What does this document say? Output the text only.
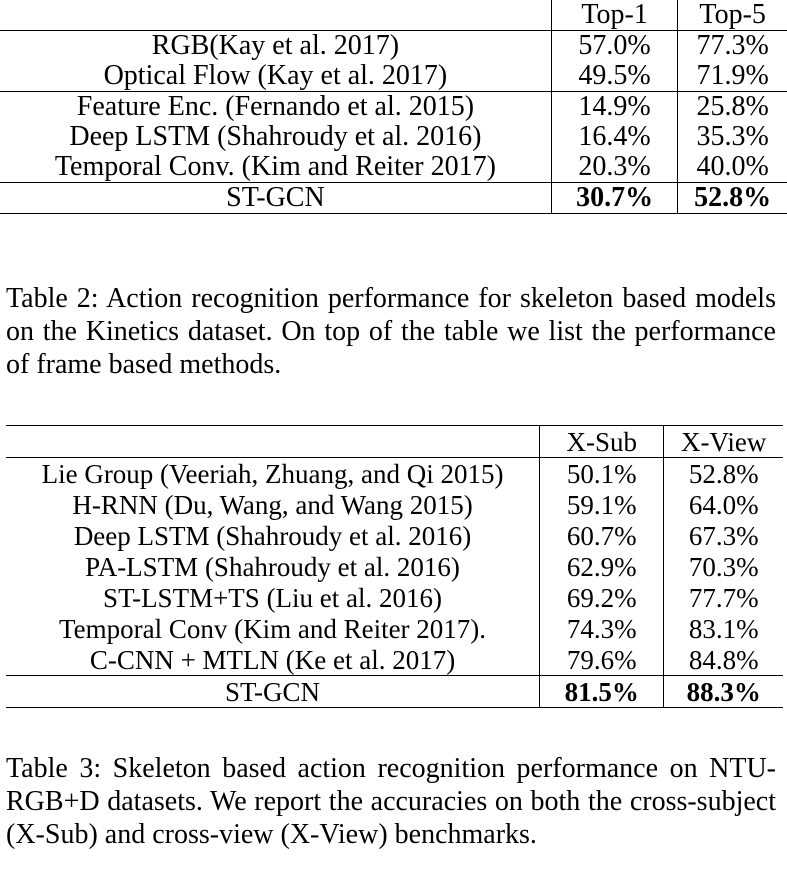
	Top-1	Top-5
RGB(Kay et al. 2017)	57.0%	77.3%
Optical Flow (Kay et al. 2017)	49.5%	71.9%
Feature Enc. (Fernando et al. 2015)	14.9%	25.8%
Deep LSTM (Shahroudy et al. 2016)	16.4%	35.3%
Temporal Conv. (Kim and Reiter 2017)	20.3%	40.0%
ST-GCN	30.7%	52.8%
Table 2: Action recognition performance for skeleton based models on the Kinetics dataset. On top of the table we list the performance of frame based methods.
	X-Sub	X-View
Lie Group (Veeriah, Zhuang, and Qi 2015)	50.1%	52.8%
H-RNN (Du, Wang, and Wang 2015)	59.1%	64.0%
Deep LSTM (Shahroudy et al. 2016)	60.7%	67.3%
PA-LSTM (Shahroudy et al. 2016)	62.9%	70.3%
ST-LSTM+TS (Liu et al. 2016)	69.2%	77.7%
Temporal Conv (Kim and Reiter 2017).	74.3%	83.1%
C-CNN + MTLN (Ke et al. 2017)	79.6%	84.8%
ST-GCN	81.5%	88.3%
Table 3: Skeleton based action recognition performance on NTU-RGB+D datasets. We report the accuracies on both the cross-subject (X-Sub) and cross-view (X-View) benchmarks.
